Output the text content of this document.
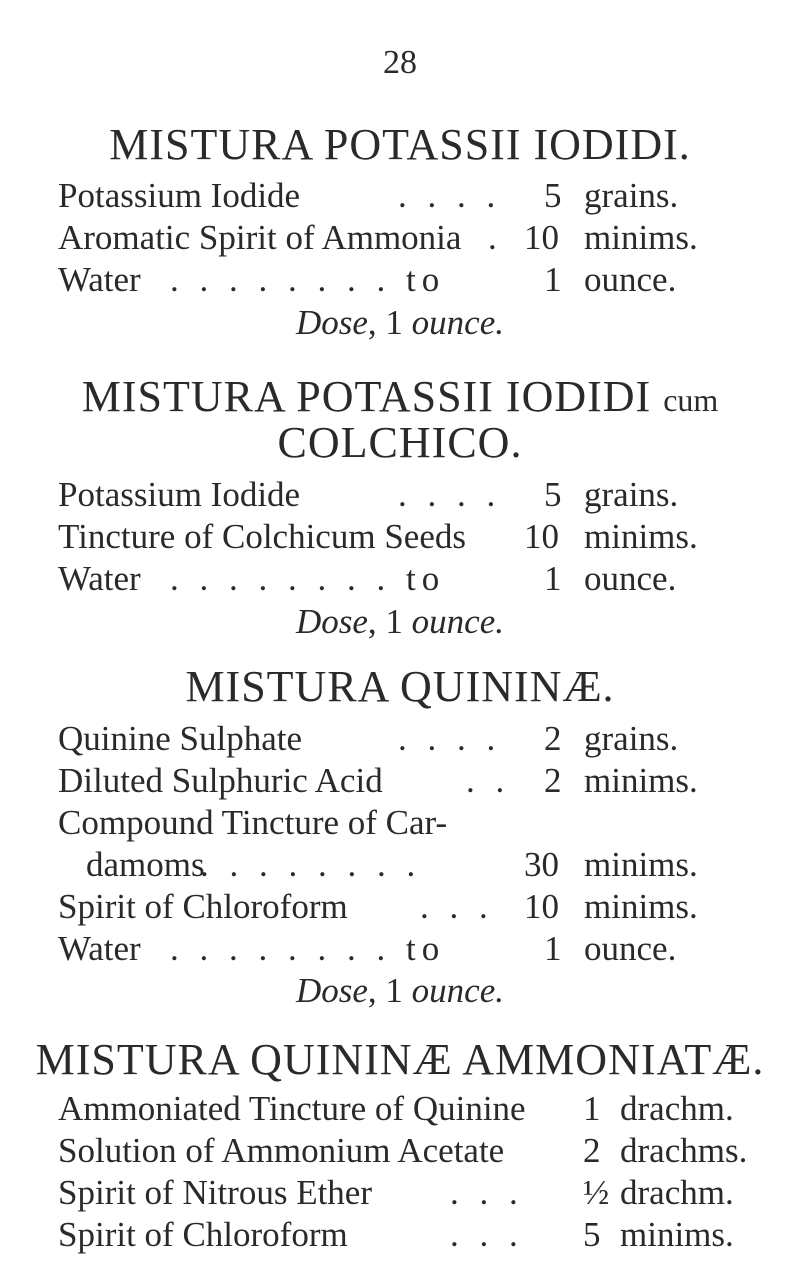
28
MISTURA POTASSII IODIDI.
Potassium Iodide	. . . . 5 grains.
Aromatic Spirit of Ammonia . 10 minims.
Water . . . . . . . . to	1 ounce.
Dose, 1 ounce.
MISTURA POTASSII IODIDI cum
COLCHICO.
Potassium Iodide	. . . . 5 grains.
Tincture of Colchicum Seeds 10 minims.
Water . . . . . . . . to	1 ounce.
Dose, 1 ounce.
MISTURA QUININÆ.
Quinine Sulphate	. . . . 2 grains.
Diluted Sulphuric Acid . . 2 minims.
Compound Tincture of Car-
damoms
. . . . . . . .	30 minims.
Spirit of Chloroform . . . 10 minims.
Water . . . . . . . . to	1 ounce.
Dose, 1 ounce.
MISTURA QUININÆ AMMONIATÆ.
Ammoniated Tincture of Quinine 1 drachm.
Solution of Ammonium Acetate 2 drachms.
Spirit of Nitrous Ether . . . ½ drachm.
Spirit of Chloroform	. . . 5 minims.
